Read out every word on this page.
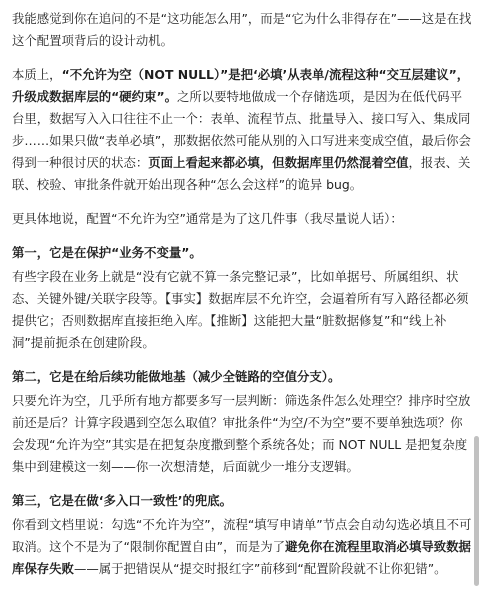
我能感觉到你在追问的不是“这功能怎么用”，而是“它为什么非得存在”——这是在找这个配置项背后的设计动机。

本质上，“不允许为空（NOT NULL）”是把‘必填’从表单/流程这种“交互层建议”，升级成数据库层的“硬约束”。之所以要特地做成一个存储选项，是因为在低代码平台里，数据写入入口往往不止一个：表单、流程节点、批量导入、接口写入、集成同步……如果只做“表单必填”，那数据依然可能从别的入口写进来变成空值，最后你会得到一种很讨厌的状态：页面上看起来都必填，但数据库里仍然混着空值，报表、关联、校验、审批条件就开始出现各种“怎么会这样”的诡异 bug。

更具体地说，配置“不允许为空”通常是为了这几件事（我尽量说人话）：

第一，它是在保护“业务不变量”。

有些字段在业务上就是“没有它就不算一条完整记录”，比如单据号、所属组织、状态、关键外键/关联字段等。【事实】数据库层不允许空，会逼着所有写入路径都必须提供它；否则数据库直接拒绝入库。【推断】这能把大量“脏数据修复”和“线上补洞”提前扼杀在创建阶段。

第二，它是在给后续功能做地基（减少全链路的空值分支）。

只要允许为空，几乎所有地方都要多写一层判断：筛选条件怎么处理空？排序时空放前还是后？计算字段遇到空怎么取值？审批条件“为空/不为空”要不要单独选项？你会发现“允许为空”其实是在把复杂度撒到整个系统各处；而 NOT NULL 是把复杂度集中到建模这一刻——你一次想清楚，后面就少一堆分支逻辑。

第三，它是在做‘多入口一致性’的兜底。

你看到文档里说：勾选“不允许为空”，流程“填写申请单”节点会自动勾选必填且不可取消。这个不是为了“限制你配置自由”，而是为了避免你在流程里取消必填导致数据库保存失败——属于把错误从“提交时报红字”前移到“配置阶段就不让你犯错”。
